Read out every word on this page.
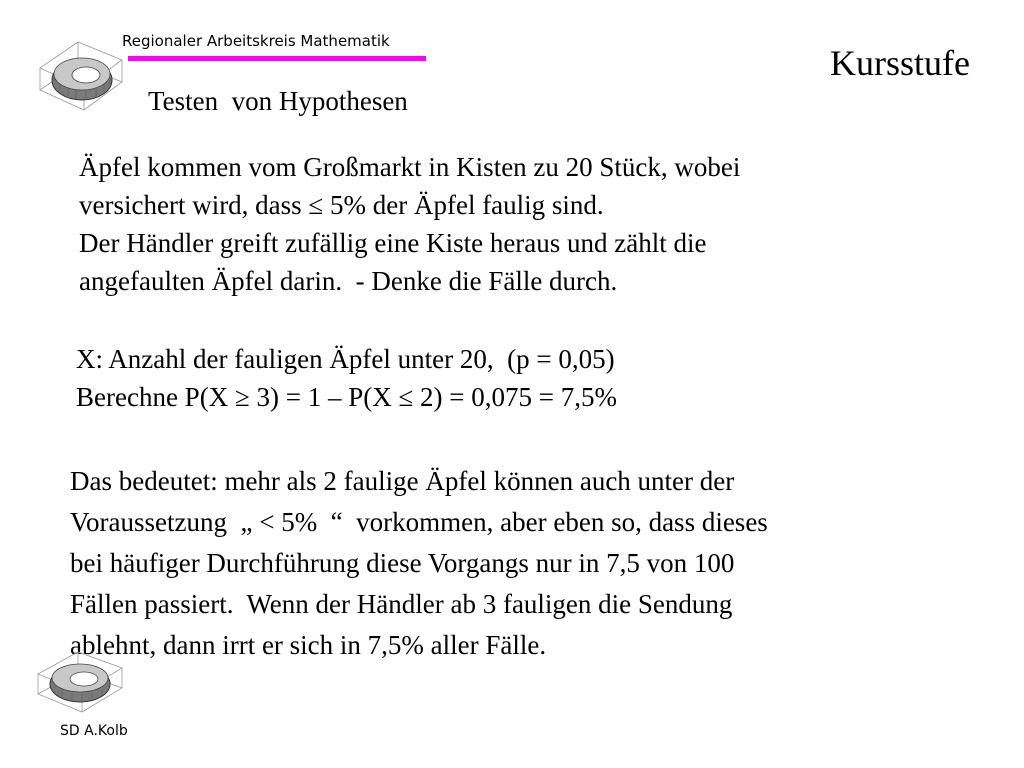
Regionaler Arbeitskreis Mathematik
Kursstufe
Testen  von Hypothesen
Äpfel kommen vom Großmarkt in Kisten zu 20 Stück, wobei
versichert wird, dass ≤ 5% der Äpfel faulig sind.
Der Händler greift zufällig eine Kiste heraus und zählt die
angefaulten Äpfel darin.  - Denke die Fälle durch.
X: Anzahl der fauligen Äpfel unter 20,  (p = 0,05)
Berechne P(X ≥ 3) = 1 – P(X ≤ 2) = 0,075 = 7,5%
Das bedeutet: mehr als 2 faulige Äpfel können auch unter der
Voraussetzung  „ < 5%  “  vorkommen, aber eben so, dass dieses
bei häufiger Durchführung diese Vorgangs nur in 7,5 von 100
Fällen passiert.  Wenn der Händler ab 3 fauligen die Sendung
ablehnt, dann irrt er sich in 7,5% aller Fälle.
SD A.Kolb
